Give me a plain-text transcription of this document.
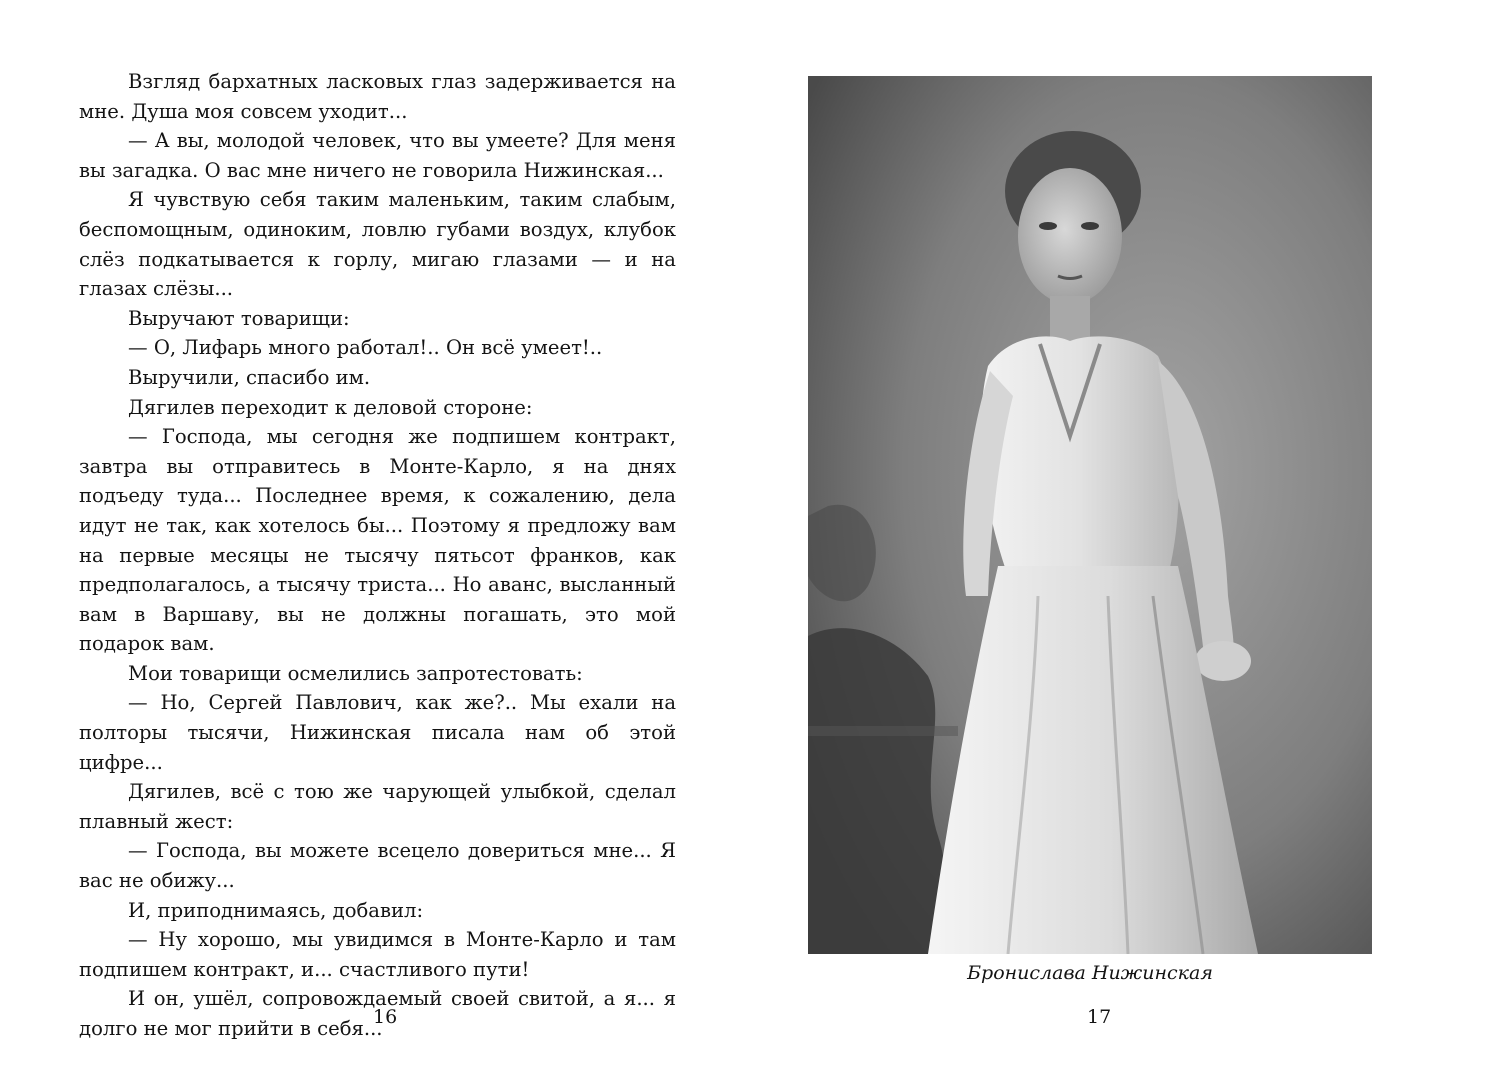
Взгляд бархатных ласковых глаз задерживается на мне. Душа моя совсем уходит...

— А вы, молодой человек, что вы умеете? Для меня вы загадка. О вас мне ничего не говорила Нижинская...

Я чувствую себя таким маленьким, таким слабым, беспомощным, одиноким, ловлю губами воздух, клубок слёз подкатывается к горлу, мигаю глазами — и на глазах слёзы...

Выручают товарищи:

— О, Лифарь много работал!.. Он всё умеет!..

Выручили, спасибо им.

Дягилев переходит к деловой стороне:

— Господа, мы сегодня же подпишем контракт, завтра вы отправитесь в Монте-Карло, я на днях подъеду туда... Последнее время, к сожалению, дела идут не так, как хотелось бы... Поэтому я предложу вам на первые месяцы не тысячу пятьсот франков, как предполагалось, а тысячу триста... Но аванс, высланный вам в Варшаву, вы не должны погашать, это мой подарок вам.

Мои товарищи осмелились запротестовать:

— Но, Сергей Павлович, как же?.. Мы ехали на полторы тысячи, Нижинская писала нам об этой цифре...

Дягилев, всё с тою же чарующей улыбкой, сделал плавный жест:

— Господа, вы можете всецело довериться мне... Я вас не обижу...

И, приподнимаясь, добавил:

— Ну хорошо, мы увидимся в Монте-Карло и там подпишем контракт, и... счастливого пути!

И он, ушёл, сопровождаемый своей свитой, а я... я долго не мог прийти в себя...

16
Бронислава Нижинская
17
